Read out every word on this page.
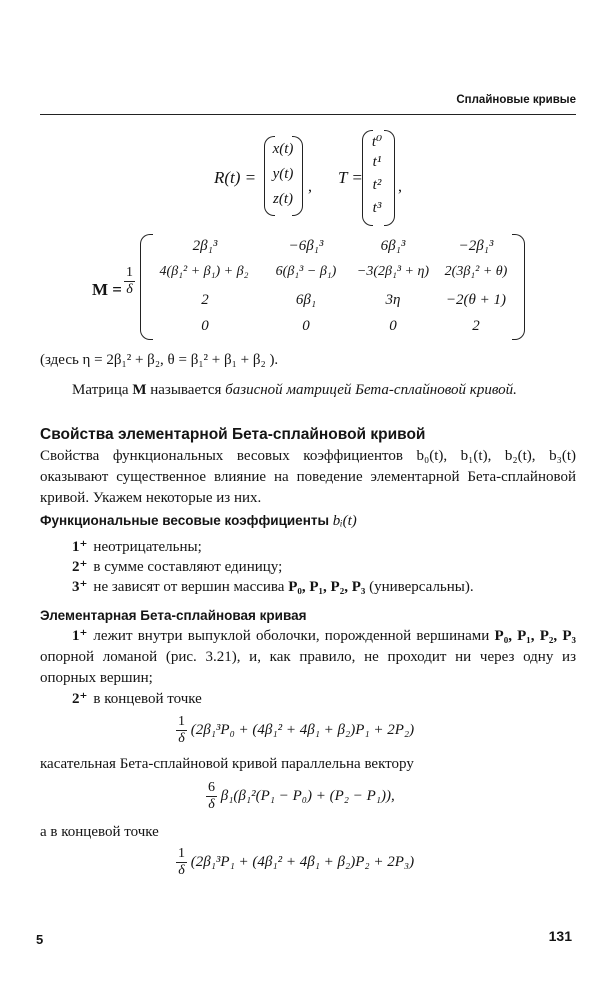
Сплайновые кривые
R(t) =
x(t)
y(t)
z(t)
, T =
t⁰
t¹
t²
t³
,
$M = \frac{1}{\delta}$
2β₁³	−6β₁³	6β₁³	−2β₁³
4(β₁² + β₁) + β₂	6(β₁³ − β₁)	−3(2β₁³ + η)	2(3β₁² + θ)
2	6β₁	3η	−2(θ + 1)
0	0	0	2
(здесь η = 2β₁² + β₂, θ = β₁² + β₁ + β₂ ).
Матрица M называется базисной матрицей Бета-сплайновой кривой.
Свойства элементарной Бета-сплайновой кривой
Свойства функциональных весовых коэффициентов b₀(t), b₁(t), b₂(t), b₃(t) оказывают существенное влияние на поведение элементарной Бета-сплайновой кривой. Укажем некоторые из них.
Функциональные весовые коэффициенты bᵢ(t)
1⁺ неотрицательны;
2⁺ в сумме составляют единицу;
3⁺ не зависят от вершин массива P₀, P₁, P₂, P₃ (универсальны).
Элементарная Бета-сплайновая кривая
1⁺ лежит внутри выпуклой оболочки, порожденной вершинами P₀, P₁, P₂, P₃ опорной ломаной (рис. 3.21), и, как правило, не проходит ни через одну из опорных вершин;
2⁺ в концевой точке
$\frac{1}{\delta} (2\beta_1^3P_0 + (4\beta_1^2 + 4\beta_1 + \beta_2)P_1 + 2P_2)$
касательная Бета-сплайновой кривой параллельна вектору
$\frac{6}{\delta} \beta_1(\beta_1^2(P_1 - P_0) + (P_2 - P_1))$,
а в концевой точке
$\frac{1}{\delta} (2\beta_1^3P_1 + (4\beta_1^2 + 4\beta_1 + \beta_2)P_2 + 2P_3)$
5	131
